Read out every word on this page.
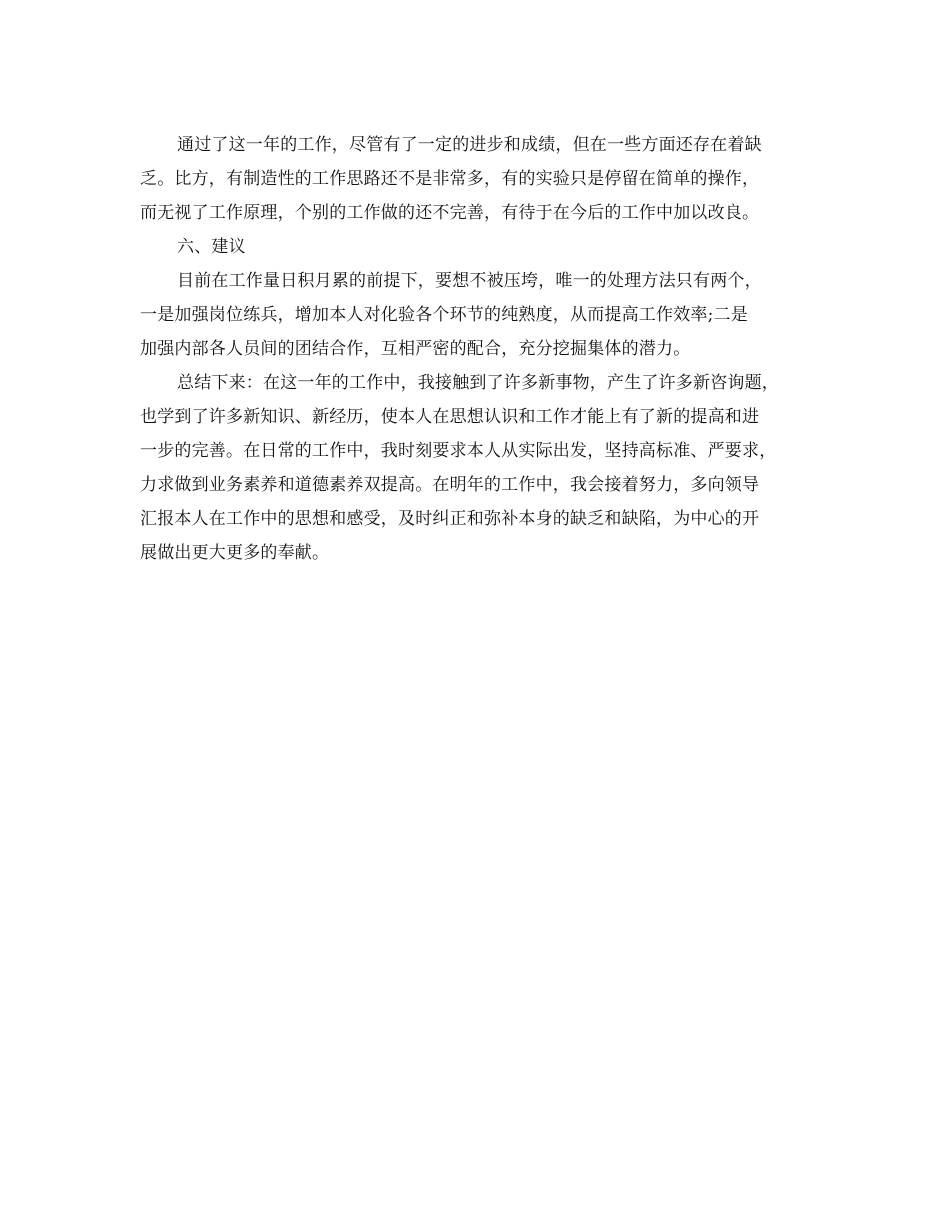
通过了这一年的工作，尽管有了一定的进步和成绩，但在一些方面还存在着缺
乏。比方，有制造性的工作思路还不是非常多，有的实验只是停留在简单的操作，
而无视了工作原理，个别的工作做的还不完善，有待于在今后的工作中加以改良。
六、建议
目前在工作量日积月累的前提下，要想不被压垮，唯一的处理方法只有两个，
一是加强岗位练兵，增加本人对化验各个环节的纯熟度，从而提高工作效率;二是
加强内部各人员间的团结合作，互相严密的配合，充分挖掘集体的潜力。
总结下来：在这一年的工作中，我接触到了许多新事物，产生了许多新咨询题，
也学到了许多新知识、新经历，使本人在思想认识和工作才能上有了新的提高和进
一步的完善。在日常的工作中，我时刻要求本人从实际出发，坚持高标准、严要求，
力求做到业务素养和道德素养双提高。在明年的工作中，我会接着努力，多向领导
汇报本人在工作中的思想和感受，及时纠正和弥补本身的缺乏和缺陷，为中心的开
展做出更大更多的奉献。
